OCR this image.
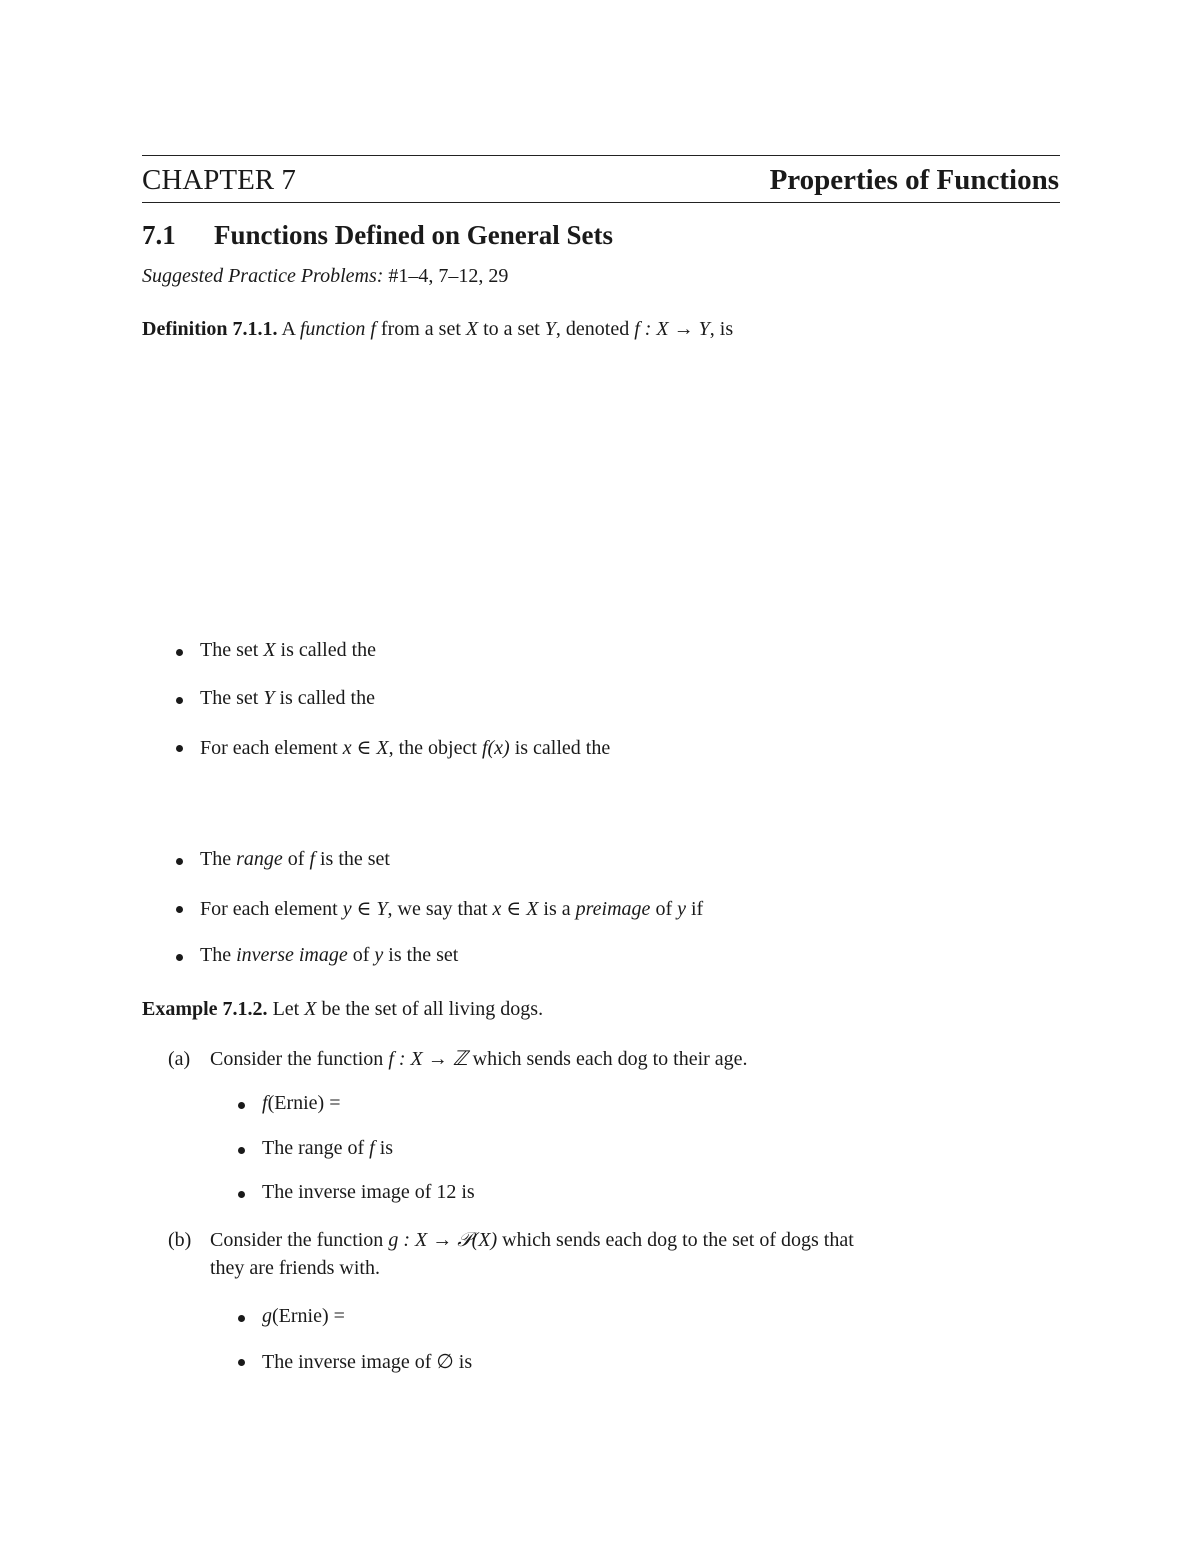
CHAPTER 7	Properties of Functions
7.1 Functions Defined on General Sets
Suggested Practice Problems: #1–4, 7–12, 29
Definition 7.1.1. A function f from a set X to a set Y, denoted f : X → Y, is
The set X is called the
The set Y is called the
For each element x ∈ X, the object f(x) is called the
The range of f is the set
For each element y ∈ Y, we say that x ∈ X is a preimage of y if
The inverse image of y is the set
Example 7.1.2. Let X be the set of all living dogs.
(a) Consider the function f : X → ℤ which sends each dog to their age.
f(Ernie) =
The range of f is
The inverse image of 12 is
(b) Consider the function g : X → 𝒫(X) which sends each dog to the set of dogs that
they are friends with.
g(Ernie) =
The inverse image of ∅ is
